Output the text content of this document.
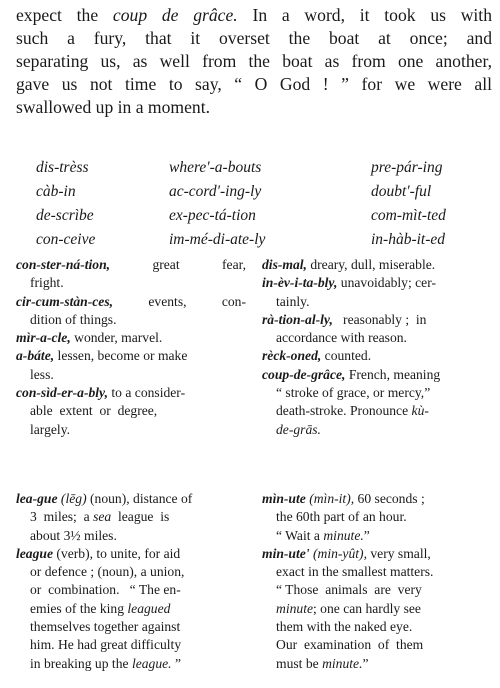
expect the coup de grâce. In a word, it took us with
such a fury, that it overset the boat at once; and
separating us, as well from the boat as from one another,
gave us not time to say, “ O God ! ” for we were all
swallowed up in a moment.
dis-trèss
càb-in
de-scrìbe
con-ceive
where'-a-bouts
ac-cord'-ing-ly
ex-pec-tá-tion
im-mé-di-ate-ly
pre-pár-ing
doubt'-ful
com-mìt-ted
in-hàb-it-ed
con-ster-ná-tion,	great fear,
fright.
cir-cum-stàn-ces,	events, con-
dition of things.
mìr-a-cle, wonder, marvel.
a-báte, lessen, become or make
less.
con-sìd-er-a-bly, to a consider-
able  extent  or  degree,
largely.
dis-mal, dreary, dull, miserable.
in-èv-i-ta-bly, unavoidably; cer-
tainly.
rà-tion-al-ly,   reasonably ;  in
accordance with reason.
rèck-oned, counted.
coup-de-grâce, French, meaning
“ stroke of grace, or mercy,”
death-stroke. Pronounce kù-
de-grās.
lea-gue (lēg) (noun), distance of
3  miles;  a sea  league  is
about 3½ miles.
league (verb), to unite, for aid
or defence ; (noun), a union,
or  combination.   “ The en-
emies of the king leagued
themselves together against
him. He had great difficulty
in breaking up the league. ”
mìn-ute (mìn-it), 60 seconds ;
the 60th part of an hour.
“ Wait a minute.”
min-ute' (min-yût), very small,
exact in the smallest matters.
“ Those  animals  are  very
minute; one can hardly see
them with the naked eye.
Our  examination  of  them
must be minute.”
